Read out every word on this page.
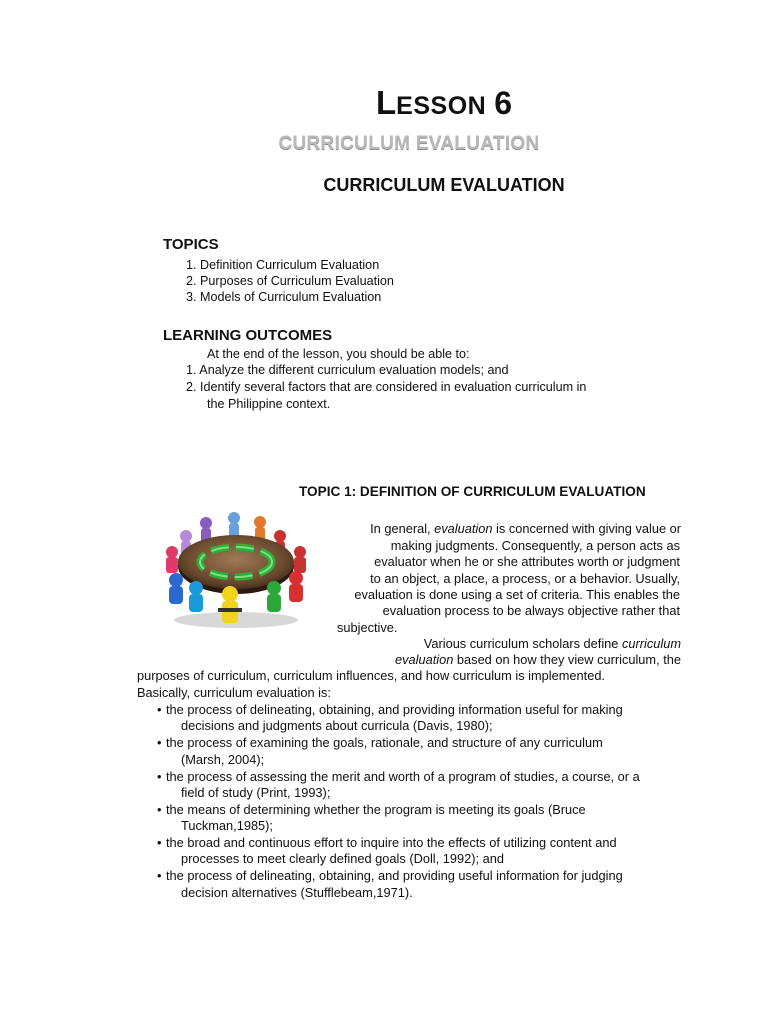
LESSON 6
CURRICULUM EVALUATION
CURRICULUM EVALUATION
TOPICS
1. Definition Curriculum Evaluation
2. Purposes of Curriculum Evaluation
3. Models of Curriculum Evaluation
LEARNING OUTCOMES
At the end of the lesson, you should be able to:
1. Analyze the different curriculum evaluation models; and
2. Identify several factors that are considered in evaluation curriculum in
the Philippine context.
TOPIC 1: DEFINITION OF CURRICULUM EVALUATION
In general, evaluation is concerned with giving value or
making judgments. Consequently, a person acts as
evaluator when he or she attributes worth or judgment
to an object, a place, a process, or a behavior. Usually,
evaluation is done using a set of criteria. This enables the
evaluation process to be always objective rather that
subjective.
Various curriculum scholars define curriculum
evaluation based on how they view curriculum, the
purposes of curriculum, curriculum influences, and how curriculum is implemented.
Basically, curriculum evaluation is:
• the process of delineating, obtaining, and providing information useful for making
decisions and judgments about curricula (Davis, 1980);
• the process of examining the goals, rationale, and structure of any curriculum
(Marsh, 2004);
• the process of assessing the merit and worth of a program of studies, a course, or a
field of study (Print, 1993);
• the means of determining whether the program is meeting its goals (Bruce
Tuckman,1985);
• the broad and continuous effort to inquire into the effects of utilizing content and
processes to meet clearly defined goals (Doll, 1992); and
• the process of delineating, obtaining, and providing useful information for judging
decision alternatives (Stufflebeam,1971).
